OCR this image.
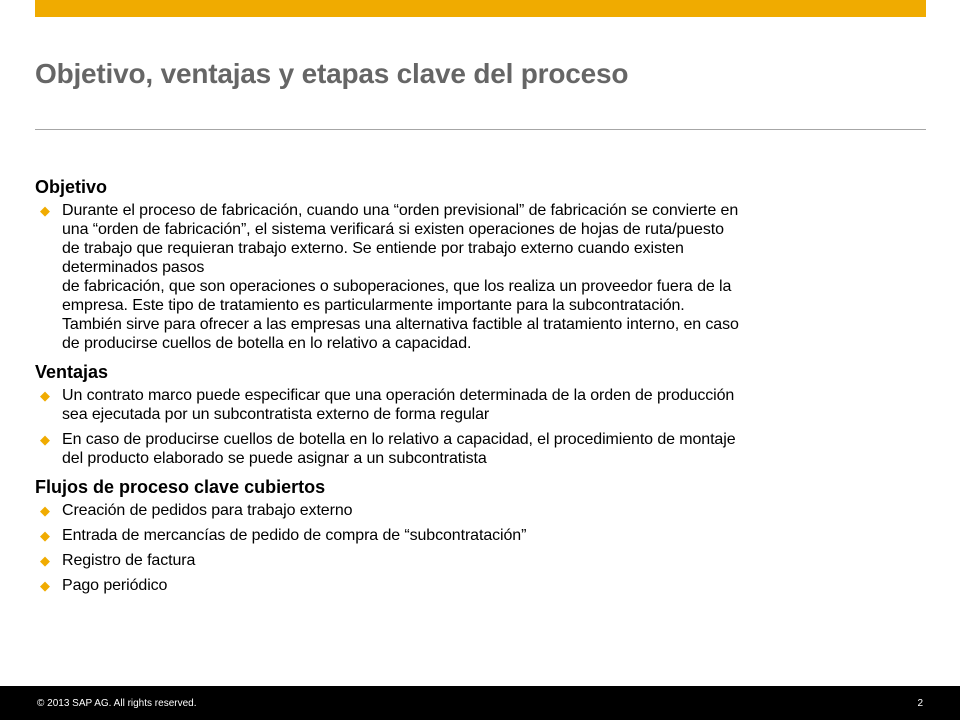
Objetivo, ventajas y etapas clave del proceso
Objetivo
◆ Durante el proceso de fabricación, cuando una “orden previsional” de fabricación se convierte en
una “orden de fabricación”, el sistema verificará si existen operaciones de hojas de ruta/puesto
de trabajo que requieran trabajo externo. Se entiende por trabajo externo cuando existen
determinados pasos
de fabricación, que son operaciones o suboperaciones, que los realiza un proveedor fuera de la
empresa. Este tipo de tratamiento es particularmente importante para la subcontratación.
También sirve para ofrecer a las empresas una alternativa factible al tratamiento interno, en caso
de producirse cuellos de botella en lo relativo a capacidad.
Ventajas
◆ Un contrato marco puede especificar que una operación determinada de la orden de producción
sea ejecutada por un subcontratista externo de forma regular
◆ En caso de producirse cuellos de botella en lo relativo a capacidad, el procedimiento de montaje
del producto elaborado se puede asignar a un subcontratista
Flujos de proceso clave cubiertos
◆ Creación de pedidos para trabajo externo
◆ Entrada de mercancías de pedido de compra de “subcontratación”
◆ Registro de factura
◆ Pago periódico
© 2013 SAP AG. All rights reserved.	2
